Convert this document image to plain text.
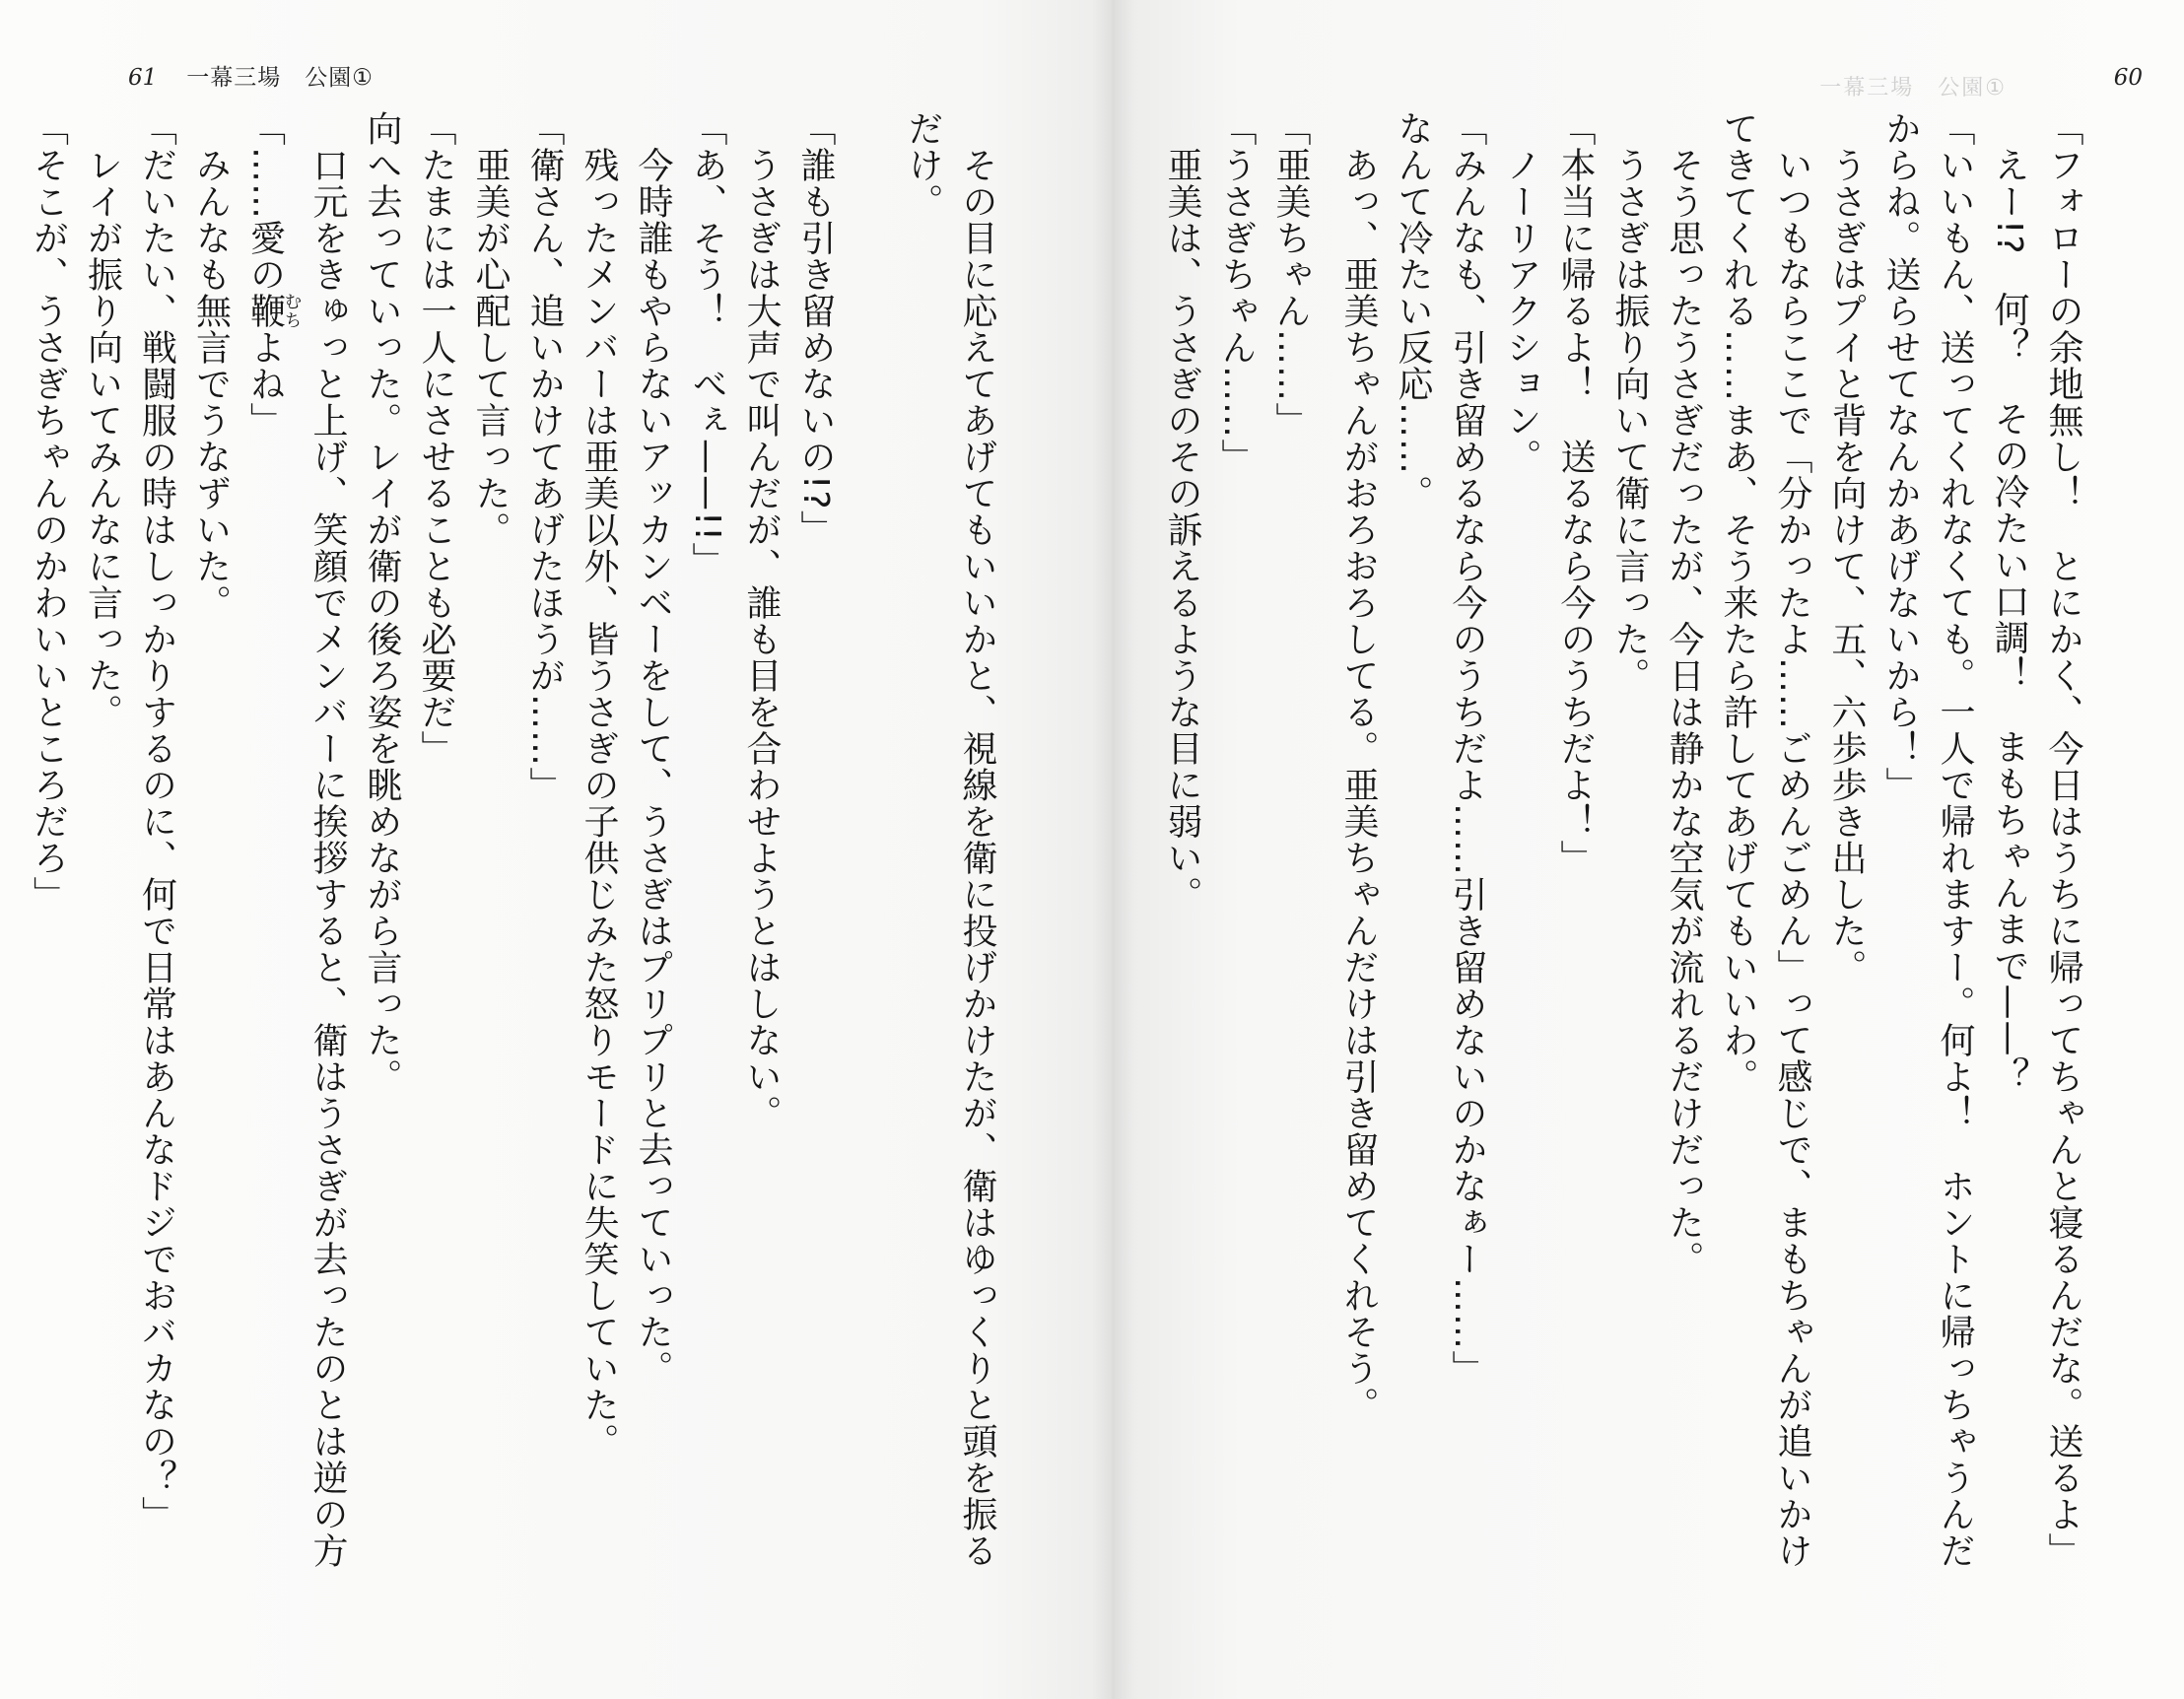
61 一幕三場　公園①
　その目に応えてあげてもいいかと、視線を衛に投げかけたが、衛はゆっくりと頭を振る
だけ。
「誰も引き留めないの!?」
　うさぎは大声で叫んだが、誰も目を合わせようとはしない。
「あ、そう！　べぇ——!!」
　今時誰もやらないアッカンベーをして、うさぎはプリプリと去っていった。
　残ったメンバーは亜美以外、皆うさぎの子供じみた怒りモードに失笑していた。
「衛さん、追いかけてあげたほうが……」
　亜美が心配して言った。
「たまには一人にさせることも必要だ」
向へ去っていった。レイが衛の後ろ姿を眺めながら言った。
　口元をきゅっと上げ、笑顔でメンバーに挨拶すると、衛はうさぎが去ったのとは逆の方
「……愛の鞭むちよね」
　みんなも無言でうなずいた。
「だいたい、戦闘服の時はしっかりするのに、何で日常はあんなドジでおバカなの？」
　レイが振り向いてみんなに言った。
「そこが、うさぎちゃんのかわいいところだろ」
一幕三場　公園①	60
「フォローの余地無し！　とにかく、今日はうちに帰ってちゃんと寝るんだな。送るよ」
　えー!?　何？　その冷たい口調！　まもちゃんまで——？
「いいもん、送ってくれなくても。一人で帰れますー。何よ！　ホントに帰っちゃうんだ
からね。送らせてなんかあげないから！」
　うさぎはプイと背を向けて、五、六歩歩き出した。
　いつもならここで「分かったよ……ごめんごめん」って感じで、まもちゃんが追いかけ
てきてくれる……まあ、そう来たら許してあげてもいいわ。
　そう思ったうさぎだったが、今日は静かな空気が流れるだけだった。
　うさぎは振り向いて衛に言った。
「本当に帰るよ！　送るなら今のうちだよ！」
　ノーリアクション。
「みんなも、引き留めるなら今のうちだよ……引き留めないのかなぁー……」
なんて冷たい反応……。
　あっ、亜美ちゃんがおろおろしてる。亜美ちゃんだけは引き留めてくれそう。
「亜美ちゃん……」
「うさぎちゃん……」
　亜美は、うさぎのその訴えるような目に弱い。
